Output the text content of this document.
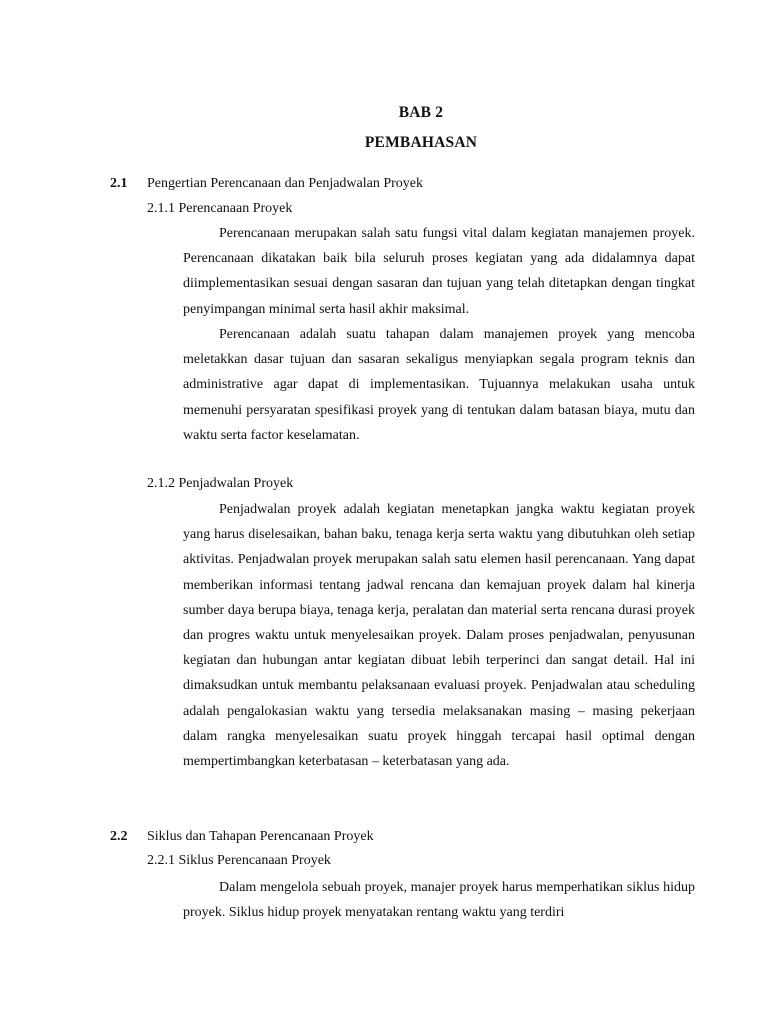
BAB 2
PEMBAHASAN
2.1 Pengertian Perencanaan dan Penjadwalan Proyek
2.1.1 Perencanaan Proyek

Perencanaan merupakan salah satu fungsi vital dalam kegiatan manajemen proyek. Perencanaan dikatakan baik bila seluruh proses kegiatan yang ada didalamnya dapat diimplementasikan sesuai dengan sasaran dan tujuan yang telah ditetapkan dengan tingkat penyimpangan minimal serta hasil akhir maksimal.

Perencanaan adalah suatu tahapan dalam manajemen proyek yang mencoba meletakkan dasar tujuan dan sasaran sekaligus menyiapkan segala program teknis dan administrative agar dapat di implementasikan. Tujuannya melakukan usaha untuk memenuhi persyaratan spesifikasi proyek yang di tentukan dalam batasan biaya, mutu dan waktu serta factor keselamatan.

2.1.2 Penjadwalan Proyek

Penjadwalan proyek adalah kegiatan menetapkan jangka waktu kegiatan proyek yang harus diselesaikan, bahan baku, tenaga kerja serta waktu yang dibutuhkan oleh setiap aktivitas. Penjadwalan proyek merupakan salah satu elemen hasil perencanaan. Yang dapat memberikan informasi tentang jadwal rencana dan kemajuan proyek dalam hal kinerja sumber daya berupa biaya, tenaga kerja, peralatan dan material serta rencana durasi proyek dan progres waktu untuk menyelesaikan proyek. Dalam proses penjadwalan, penyusunan kegiatan dan hubungan antar kegiatan dibuat lebih terperinci dan sangat detail. Hal ini dimaksudkan untuk membantu pelaksanaan evaluasi proyek. Penjadwalan atau scheduling adalah pengalokasian waktu yang tersedia melaksanakan masing – masing pekerjaan dalam rangka menyelesaikan suatu proyek hinggah tercapai hasil optimal dengan mempertimbangkan keterbatasan – keterbatasan yang ada.

2.2 Siklus dan Tahapan Perencanaan Proyek
2.2.1 Siklus Perencanaan Proyek

Dalam mengelola sebuah proyek, manajer proyek harus memperhatikan siklus hidup proyek. Siklus hidup proyek menyatakan rentang waktu yang terdiri
